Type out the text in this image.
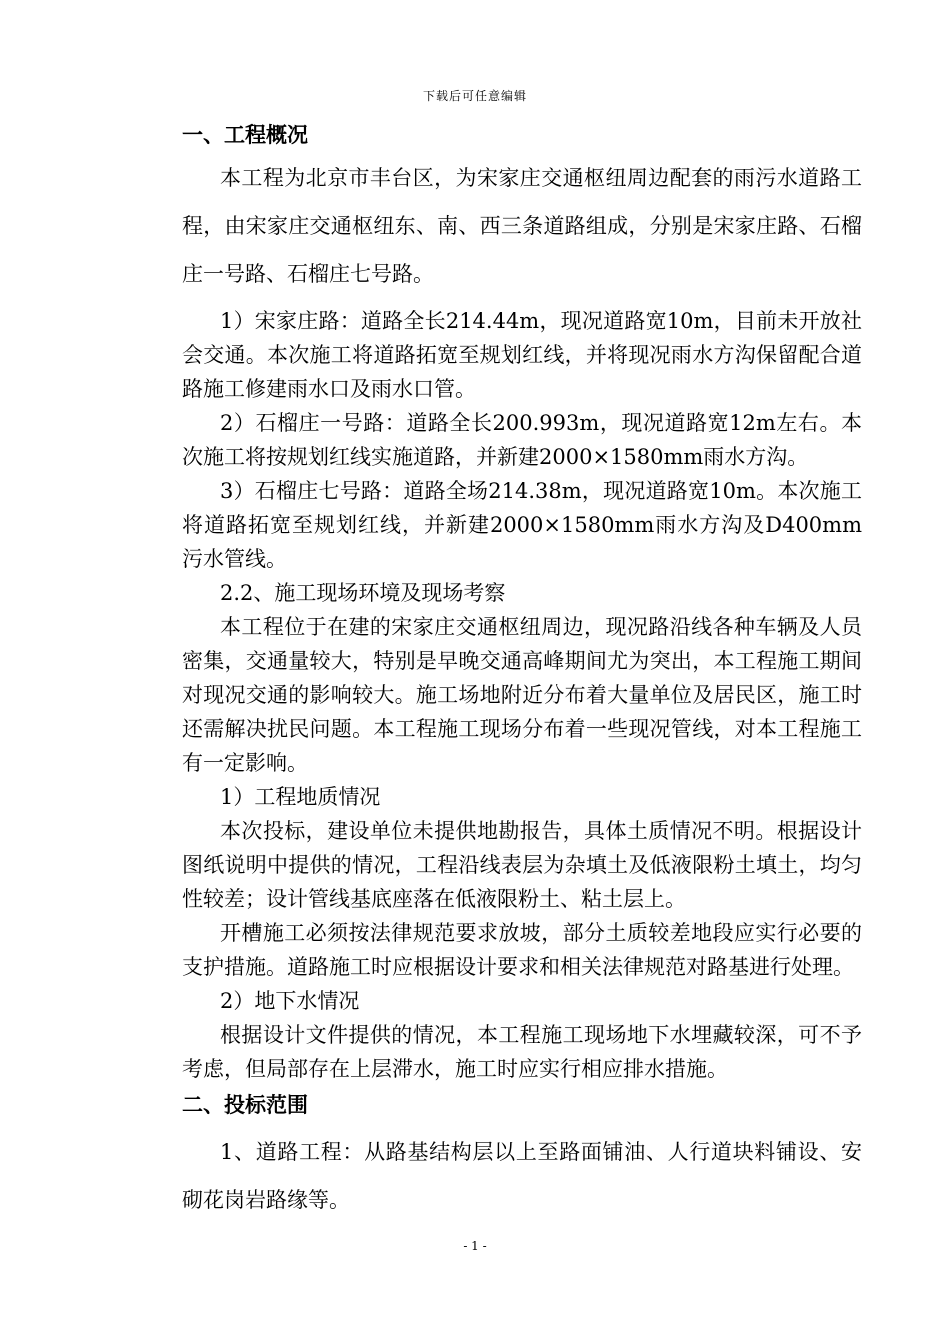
下载后可任意编辑

一、工程概况

本工程为北京市丰台区，为宋家庄交通枢纽周边配套的雨污水道路工程，由宋家庄交通枢纽东、南、西三条道路组成，分别是宋家庄路、石榴庄一号路、石榴庄七号路。

1）宋家庄路：道路全长214.44m，现况道路宽10m，目前未开放社会交通。本次施工将道路拓宽至规划红线，并将现况雨水方沟保留配合道路施工修建雨水口及雨水口管。

2）石榴庄一号路：道路全长200.993m，现况道路宽12m左右。本次施工将按规划红线实施道路，并新建2000×1580mm雨水方沟。

3）石榴庄七号路：道路全场214.38m，现况道路宽10m。本次施工将道路拓宽至规划红线，并新建2000×1580mm雨水方沟及D400mm污水管线。

2.2、施工现场环境及现场考察

本工程位于在建的宋家庄交通枢纽周边，现况路沿线各种车辆及人员密集，交通量较大，特别是早晚交通高峰期间尤为突出，本工程施工期间对现况交通的影响较大。施工场地附近分布着大量单位及居民区，施工时还需解决扰民问题。本工程施工现场分布着一些现况管线，对本工程施工有一定影响。

1）工程地质情况

本次投标，建设单位未提供地勘报告，具体土质情况不明。根据设计图纸说明中提供的情况，工程沿线表层为杂填土及低液限粉土填土，均匀性较差；设计管线基底座落在低液限粉土、粘土层上。

开槽施工必须按法律规范要求放坡，部分土质较差地段应实行必要的支护措施。道路施工时应根据设计要求和相关法律规范对路基进行处理。

2）地下水情况

根据设计文件提供的情况，本工程施工现场地下水埋藏较深，可不予考虑，但局部存在上层滞水，施工时应实行相应排水措施。

二、投标范围

1、道路工程：从路基结构层以上至路面铺油、人行道块料铺设、安砌花岗岩路缘等。

- 1 -
